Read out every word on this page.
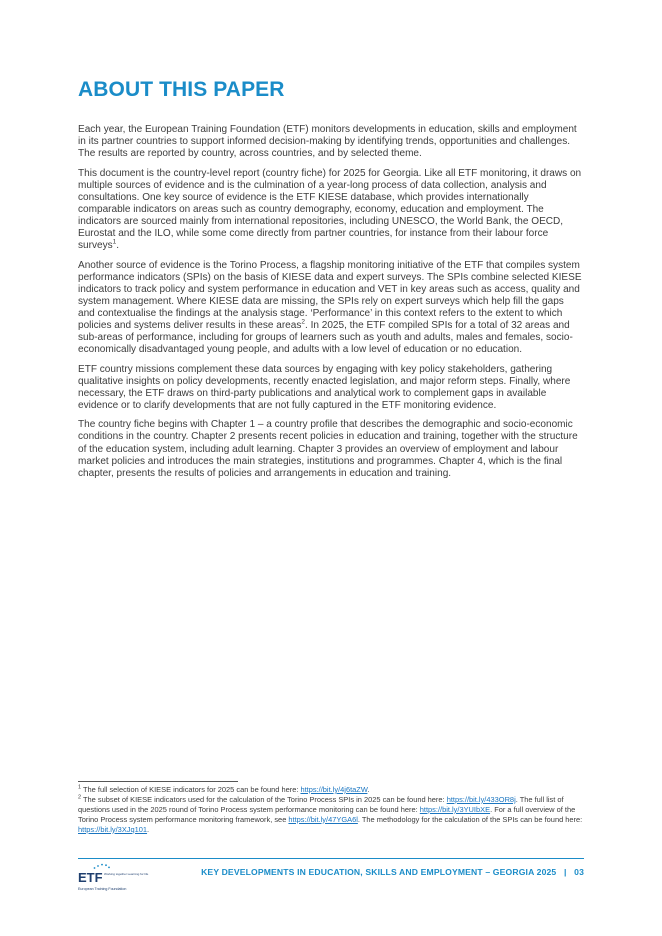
ABOUT THIS PAPER

Each year, the European Training Foundation (ETF) monitors developments in education, skills and employment in its partner countries to support informed decision-making by identifying trends, opportunities and challenges. The results are reported by country, across countries, and by selected theme.

This document is the country-level report (country fiche) for 2025 for Georgia. Like all ETF monitoring, it draws on multiple sources of evidence and is the culmination of a year-long process of data collection, analysis and consultations. One key source of evidence is the ETF KIESE database, which provides internationally comparable indicators on areas such as country demography, economy, education and employment. The indicators are sourced mainly from international repositories, including UNESCO, the World Bank, the OECD, Eurostat and the ILO, while some come directly from partner countries, for instance from their labour force surveys$^1$.

Another source of evidence is the Torino Process, a flagship monitoring initiative of the ETF that compiles system performance indicators (SPIs) on the basis of KIESE data and expert surveys. The SPIs combine selected KIESE indicators to track policy and system performance in education and VET in key areas such as access, quality and system management. Where KIESE data are missing, the SPIs rely on expert surveys which help fill the gaps and contextualise the findings at the analysis stage. ‘Performance’ in this context refers to the extent to which policies and systems deliver results in these areas$^2$. In 2025, the ETF compiled SPIs for a total of 32 areas and sub-areas of performance, including for groups of learners such as youth and adults, males and females, socio-economically disadvantaged young people, and adults with a low level of education or no education.

ETF country missions complement these data sources by engaging with key policy stakeholders, gathering qualitative insights on policy developments, recently enacted legislation, and major reform steps. Finally, where necessary, the ETF draws on third-party publications and analytical work to complement gaps in available evidence or to clarify developments that are not fully captured in the ETF monitoring evidence.

The country fiche begins with Chapter 1 – a country profile that describes the demographic and socio-economic conditions in the country. Chapter 2 presents recent policies in education and training, together with the structure of the education system, including adult learning. Chapter 3 provides an overview of employment and labour market policies and introduces the main strategies, institutions and programmes. Chapter 4, which is the final chapter, presents the results of policies and arrangements in education and training.

$^1$ The full selection of KIESE indicators for 2025 can be found here: https://bit.ly/4j6taZW.
$^2$ The subset of KIESE indicators used for the calculation of the Torino Process SPIs in 2025 can be found here: https://bit.ly/433OR8j. The full list of questions used in the 2025 round of Torino Process system performance monitoring can be found here: https://bit.ly/3YUIbXE. For a full overview of the Torino Process system performance monitoring framework, see https://bit.ly/47YGA6l. The methodology for the calculation of the SPIs can be found here: https://bit.ly/3XJq101.
ETF Working together Learning for life
European Training Foundation
KEY DEVELOPMENTS IN EDUCATION, SKILLS AND EMPLOYMENT – GEORGIA 2025   |   03
